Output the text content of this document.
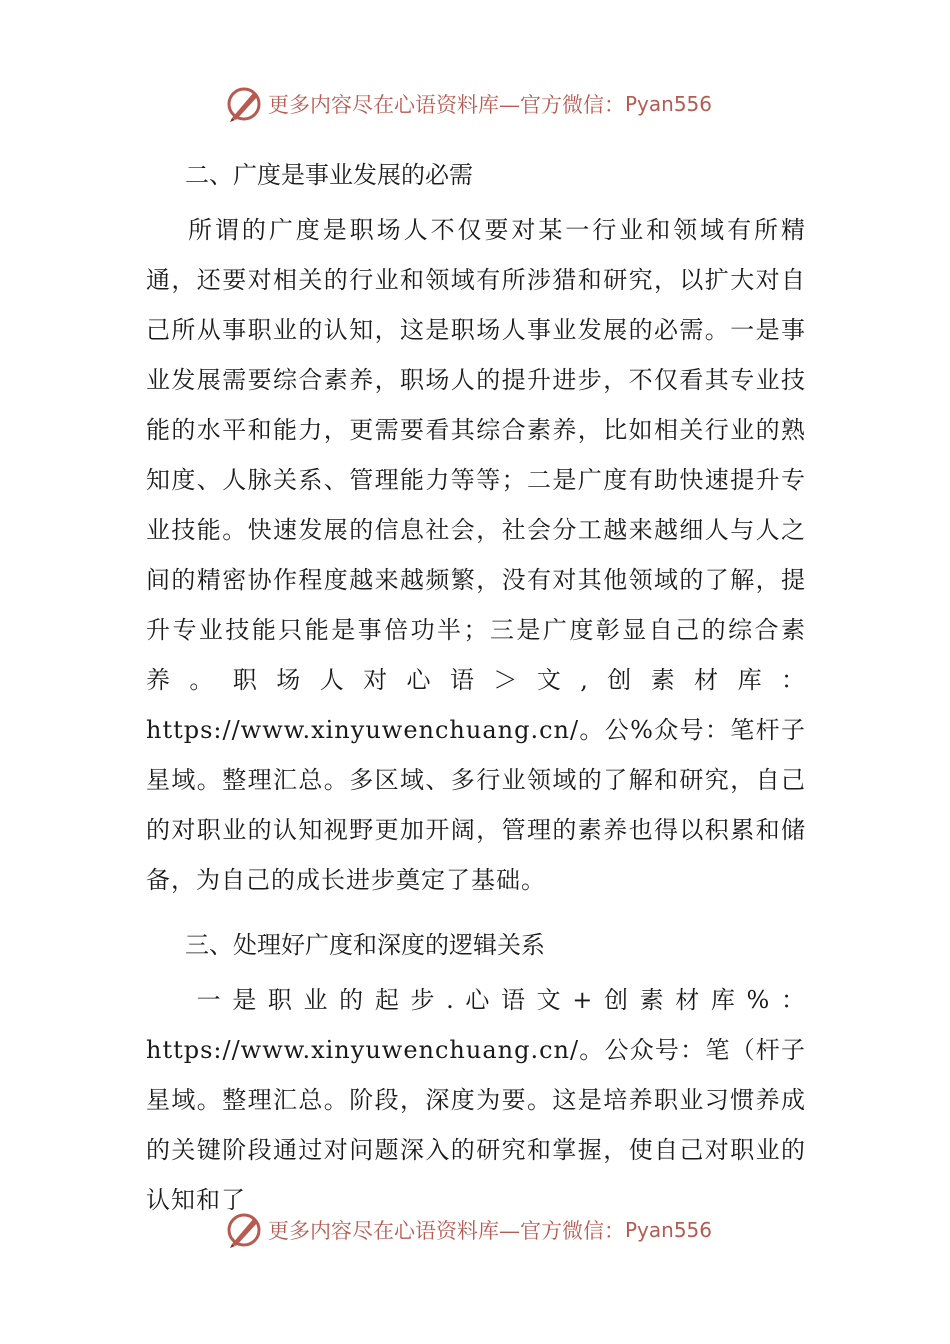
更多内容尽在心语资料库—官方微信： Pyan556
二、广度是事业发展的必需
所谓的广度是职场人不仅要对某一行业和领域有所精通，还要对相关的行业和领域有所涉猎和研究，以扩大对自己所从事职业的认知，这是职场人事业发展的必需。一是事业发展需要综合素养，职场人的提升进步，不仅看其专业技能的水平和能力，更需要看其综合素养，比如相关行业的熟知度、人脉关系、管理能力等等；二是广度有助快速提升专业技能。快速发展的信息社会，社会分工越来越细人与人之间的精密协作程度越来越频繁，没有对其他领域的了解，提升专业技能只能是事倍功半；三是广度彰显自己的综合素养。职场人对心语＞文,创素材库：https://www.xinyuwenchuang.cn/。公%众号：笔杆子星域。整理汇总。多区域、多行业领域的了解和研究，自己的对职业的认知视野更加开阔，管理的素养也得以积累和储备，为自己的成长进步奠定了基础。
三、处理好广度和深度的逻辑关系
一是职业的起步.心语文+创素材库%：https://www.xinyuwenchuang.cn/。公众号：笔（杆子星域。整理汇总。阶段，深度为要。这是培养职业习惯养成的关键阶段通过对问题深入的研究和掌握，使自己对职业的认知和了
更多内容尽在心语资料库—官方微信： Pyan556
